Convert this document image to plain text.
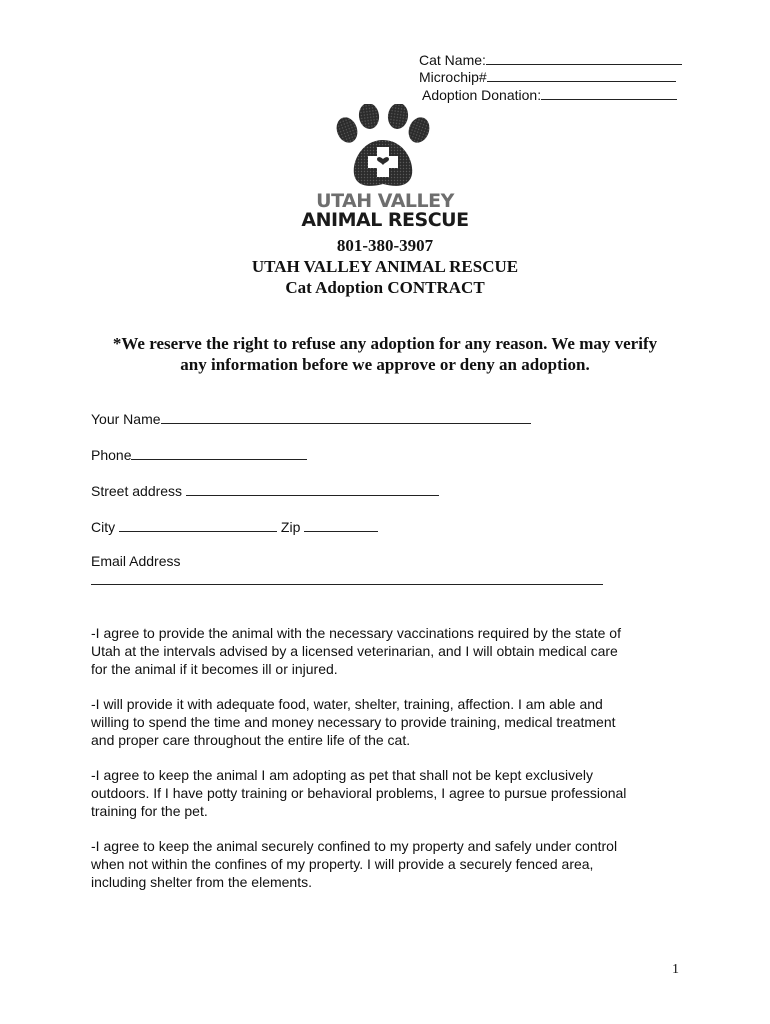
Cat Name:
Microchip#
Adoption Donation:
UTAH VALLEY
ANIMAL RESCUE
801-380-3907
UTAH VALLEY ANIMAL RESCUE
Cat Adoption CONTRACT
*We reserve the right to refuse any adoption for any reason. We may verify
any information before we approve or deny an adoption.
Your Name
Phone
Street address
City	Zip
Email Address
-I agree to provide the animal with the necessary vaccinations required by the state of
Utah at the intervals advised by a licensed veterinarian, and I will obtain medical care
for the animal if it becomes ill or injured.
-I will provide it with adequate food, water, shelter, training, affection. I am able and
willing to spend the time and money necessary to provide training, medical treatment
and proper care throughout the entire life of the cat.
-I agree to keep the animal I am adopting as pet that shall not be kept exclusively
outdoors. If I have potty training or behavioral problems, I agree to pursue professional
training for the pet.
-I agree to keep the animal securely confined to my property and safely under control
when not within the confines of my property. I will provide a securely fenced area,
including shelter from the elements.
1
